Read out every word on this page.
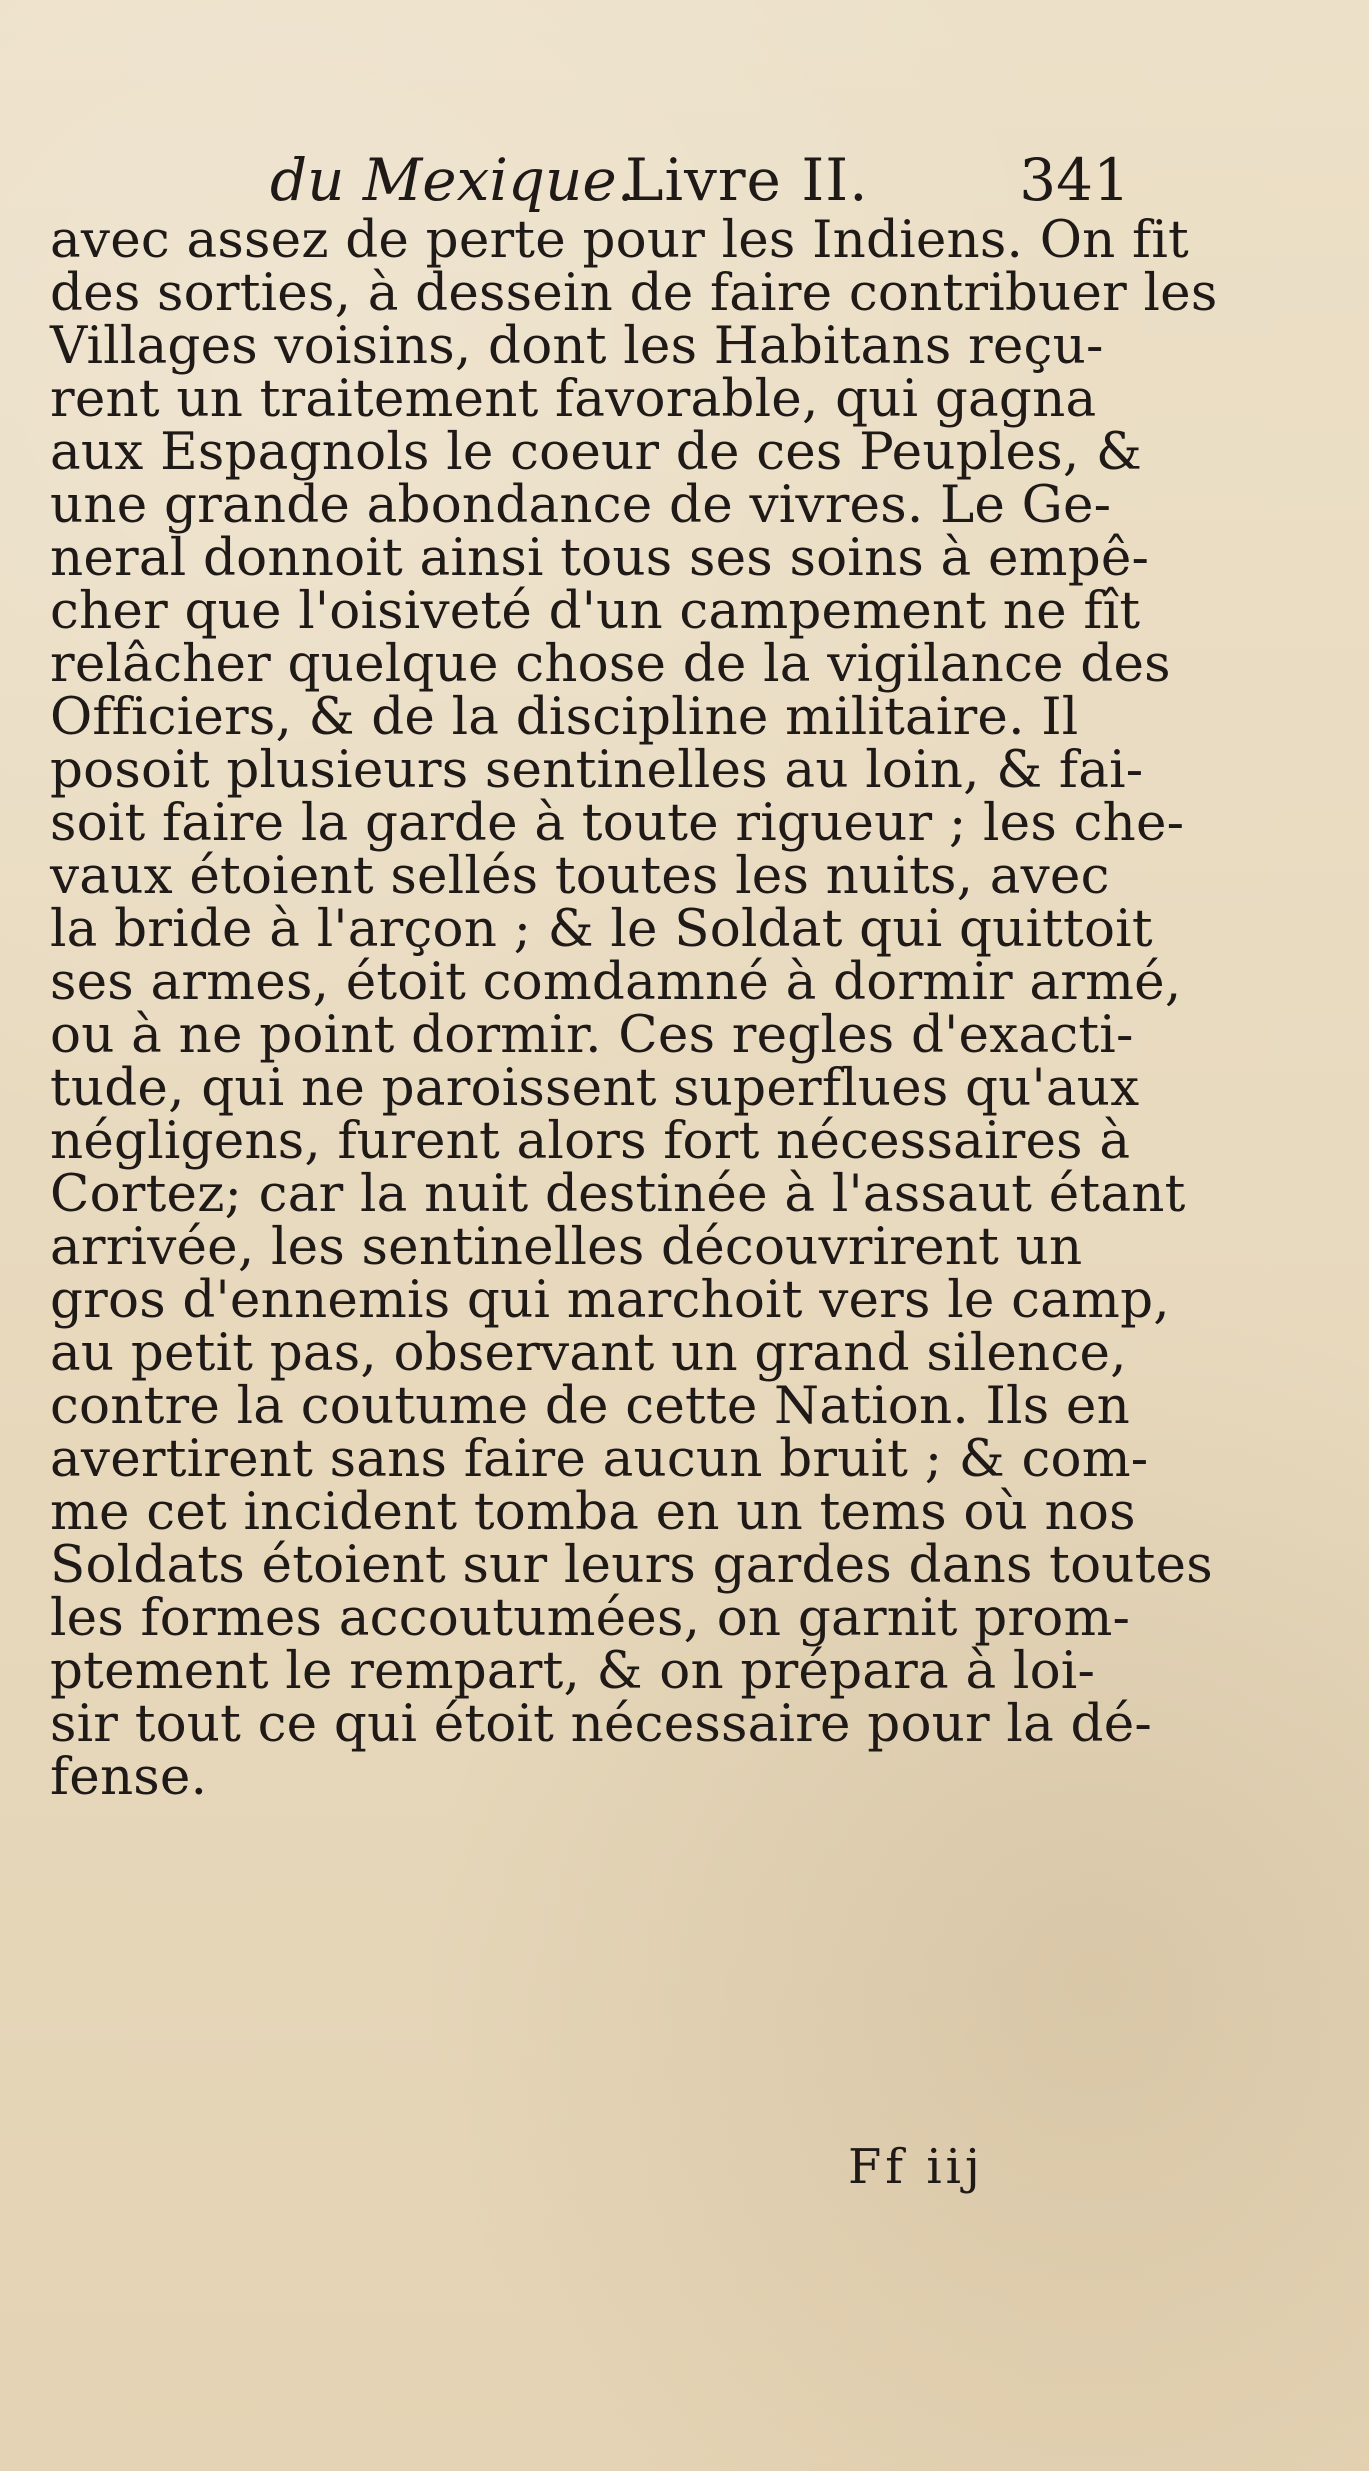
du Mexique.
Livre II.	341
avec assez de perte pour les Indiens. On fit
des sorties, à dessein de faire contribuer les
Villages voisins, dont les Habitans reçu-
rent un traitement favorable, qui gagna
aux Espagnols le coeur de ces Peuples, &
une grande abondance de vivres. Le Ge-
neral donnoit ainsi tous ses soins à empê-
cher que l'oisiveté d'un campement ne fît
relâcher quelque chose de la vigilance des
Officiers, & de la discipline militaire. Il
posoit plusieurs sentinelles au loin, & fai-
soit faire la garde à toute rigueur ; les che-
vaux étoient sellés toutes les nuits, avec
la bride à l'arçon ; & le Soldat qui quittoit
ses armes, étoit comdamné à dormir armé,
ou à ne point dormir. Ces regles d'exacti-
tude, qui ne paroissent superflues qu'aux
négligens, furent alors fort nécessaires à
Cortez; car la nuit destinée à l'assaut étant
arrivée, les sentinelles découvrirent un
gros d'ennemis qui marchoit vers le camp,
au petit pas, observant un grand silence,
contre la coutume de cette Nation. Ils en
avertirent sans faire aucun bruit ; & com-
me cet incident tomba en un tems où nos
Soldats étoient sur leurs gardes dans toutes
les formes accoutumées, on garnit prom-
ptement le rempart, & on prépara à loi-
sir tout ce qui étoit nécessaire pour la dé-
fense.
Ff iij
